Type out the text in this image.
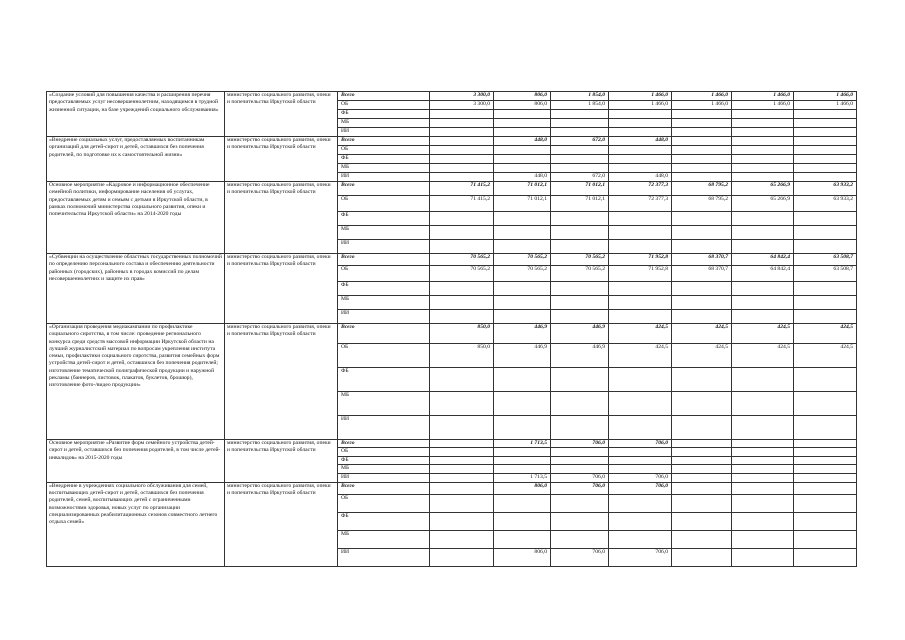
«Создание условий для повышения качества и расширения перечня предоставляемых услуг несовершеннолетним, находящимся в трудной жизненной ситуации, на базе учреждений социального обслуживания»	министерство социального развития, опеки и попечительства Иркутской области	Всего	3 300,0	806,0	1 854,0	1 466,0	1 466,0	1 466,0	1 466,0
		ОБ	3 300,0	806,0	1 854,0	1 466,0	1 466,0	1 466,0	1 466,0
		ФБ							
		МБ							
		ИИ							
«Внедрение социальных услуг, предоставляемых воспитанникам организаций для детей-сирот и детей, оставшихся без попечения родителей, по подготовке их к самостоятельной жизни»	министерство социального развития, опеки и попечительства Иркутской области	Всего		448,0	672,0	448,0			
		ОБ							
		ФБ							
		МБ							
		ИИ		448,0	672,0	448,0			
Основное мероприятие «Кадровое и информационное обеспечение семейной политики, информирование населения об услугах, предоставляемых детям и семьям с детьми в Иркутской области, в рамках полномочий министерства социального развития, опеки и попечительства Иркутской области» на 2014-2020 годы	министерство социального развития, опеки и попечительства Иркутской области	Всего	71 415,2	71 012,1	71 012,1	72 377,3	68 795,2	65 266,9	63 933,2
		ОБ	71 415,2	71 012,1	71 012,1	72 377,3	68 795,2	65 266,9	63 933,2
		ФБ							
		МБ							
		ИИ							
«Субвенции на осуществление областных государственных полномочий по определению персонального состава и обеспечению деятельности районных (городских), районных в городах комиссий по делам несовершеннолетних и защите их прав»	министерство социального развития, опеки и попечительства Иркутской области	Всего	70 565,2	70 565,2	70 565,2	71 952,8	68 370,7	64 842,4	63 508,7
		ОБ	70 565,2	70 565,2	70 565,2	71 952,8	68 370,7	64 842,4	63 508,7
		ФБ							
		МБ							
		ИИ							
«Организация проведения медиакампании по профилактике социального сиротства, в том числе: проведение регионального конкурса среди средств массовой информации Иркутской области на лучший журналистский материал по вопросам укрепления института семьи, профилактики социального сиротства, развития семейных форм устройства детей-сирот и детей, оставшихся без попечения родителей; изготовление тематической полиграфической продукции и наружной рекламы (баннеров, листовок, плакатов, буклетов, брошюр), изготовление фото-/видео продукции»	министерство социального развития, опеки и попечительства Иркутской области	Всего	850,0	446,9	446,9	424,5	424,5	424,5	424,5
		ОБ	850,0	446,9	446,9	424,5	424,5	424,5	424,5
		ФБ							
		МБ							
		ИИ							
Основное мероприятие «Развитие форм семейного устройства детей-сирот и детей, оставшихся без попечения родителей, в том числе детей-инвалидов» на 2015-2020 годы	министерство социального развития, опеки и попечительства Иркутской области	Всего		1 713,5	706,0	706,0			
		ОБ							
		ФБ							
		МБ							
		ИИ		1 713,5	706,0	706,0			
«Внедрение в учреждениях социального обслуживания для семей, воспитывающих детей-сирот и детей, оставшихся без попечения родителей, семей, воспитывающих детей с ограниченными возможностями здоровья, новых услуг по организации специализированных реабилитационных сезонов совместного летнего отдыха семей»	министерство социального развития, опеки и попечительства Иркутской области	Всего		806,0	706,0	706,0			
		ОБ							
		ФБ							
		МБ							
		ИИ		806,0	706,0	706,0			
